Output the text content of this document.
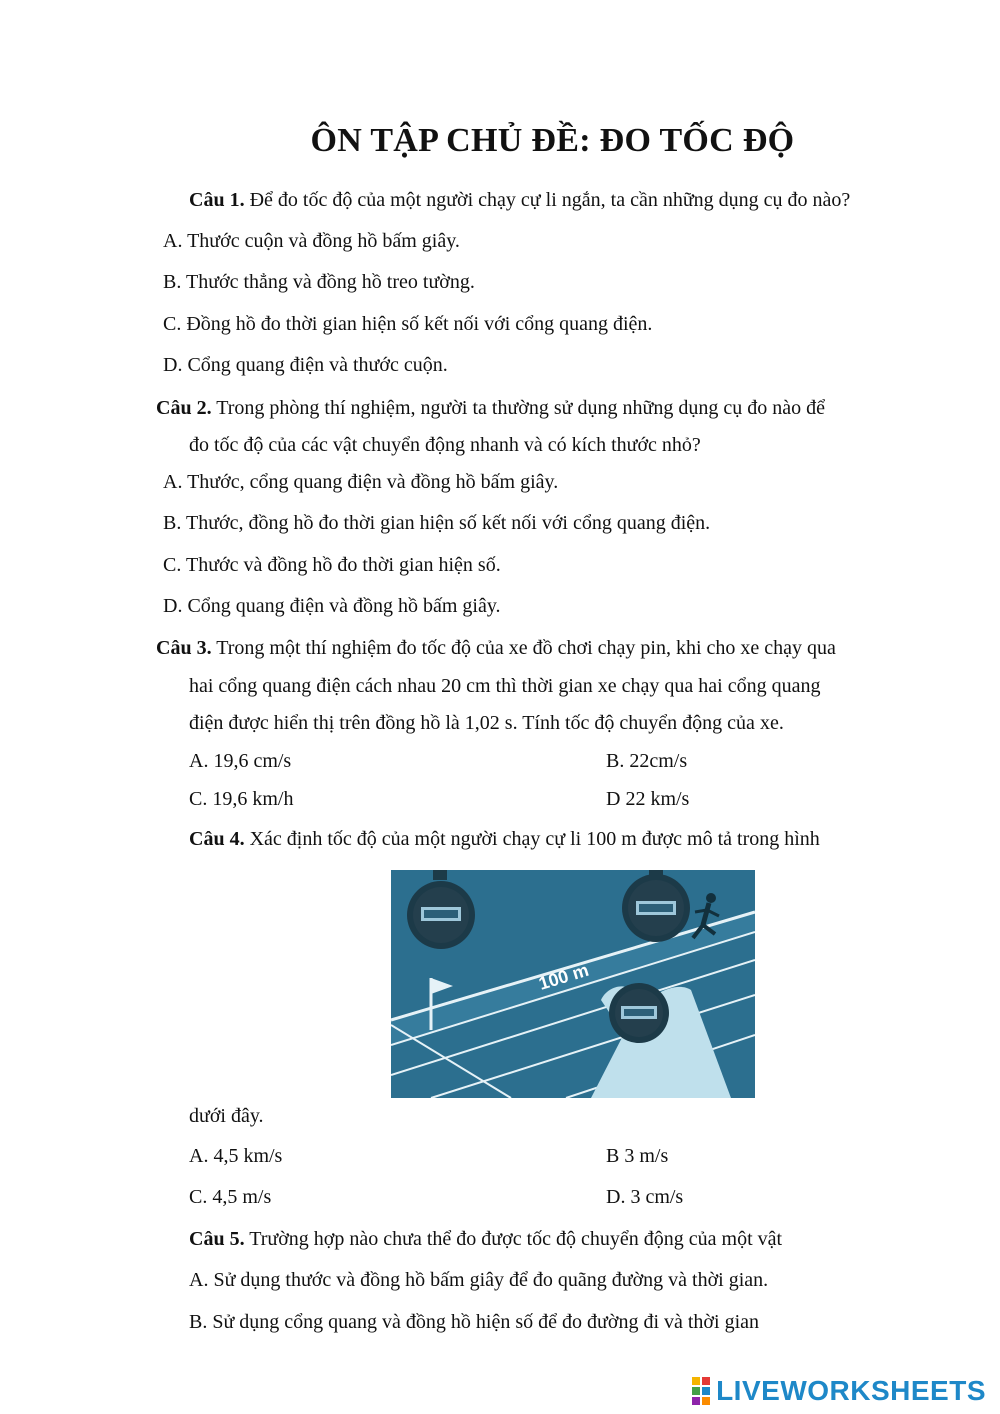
ÔN TẬP CHỦ ĐỀ: ĐO TỐC ĐỘ
Câu 1. Để đo tốc độ của một người chạy cự li ngắn, ta cần những dụng cụ đo nào?
A. Thước cuộn và đồng hồ bấm giây.
B. Thước thẳng và đồng hồ treo tường.
C. Đồng hồ đo thời gian hiện số kết nối với cổng quang điện.
D. Cổng quang điện và thước cuộn.
Câu 2. Trong phòng thí nghiệm, người ta thường sử dụng những dụng cụ đo nào để
đo tốc độ của các vật chuyển động nhanh và có kích thước nhỏ?
A. Thước, cổng quang điện và đồng hồ bấm giây.
B. Thước, đồng hồ đo thời gian hiện số kết nối với cổng quang điện.
C. Thước và đồng hồ đo thời gian hiện số.
D. Cổng quang điện và đồng hồ bấm giây.
Câu 3. Trong một thí nghiệm đo tốc độ của xe đồ chơi chạy pin, khi cho xe chạy qua
hai cổng quang điện cách nhau 20 cm thì thời gian xe chạy qua hai cổng quang
điện được hiển thị trên đồng hồ là 1,02 s. Tính tốc độ chuyển động của xe.
A. 19,6 cm/s	B. 22cm/s
C. 19,6 km/h	D 22 km/s
Câu 4. Xác định tốc độ của một người chạy cự li 100 m được mô tả trong hình
100 m
dưới đây.
A. 4,5 km/s	B 3 m/s
C. 4,5 m/s	D. 3 cm/s
Câu 5. Trường hợp nào chưa thể đo được tốc độ chuyển động của một vật
A. Sử dụng thước và đồng hồ bấm giây để đo quãng đường và thời gian.
B. Sử dụng cổng quang và đồng hồ hiện số để đo đường đi và thời gian
LIVEWORKSHEETS
